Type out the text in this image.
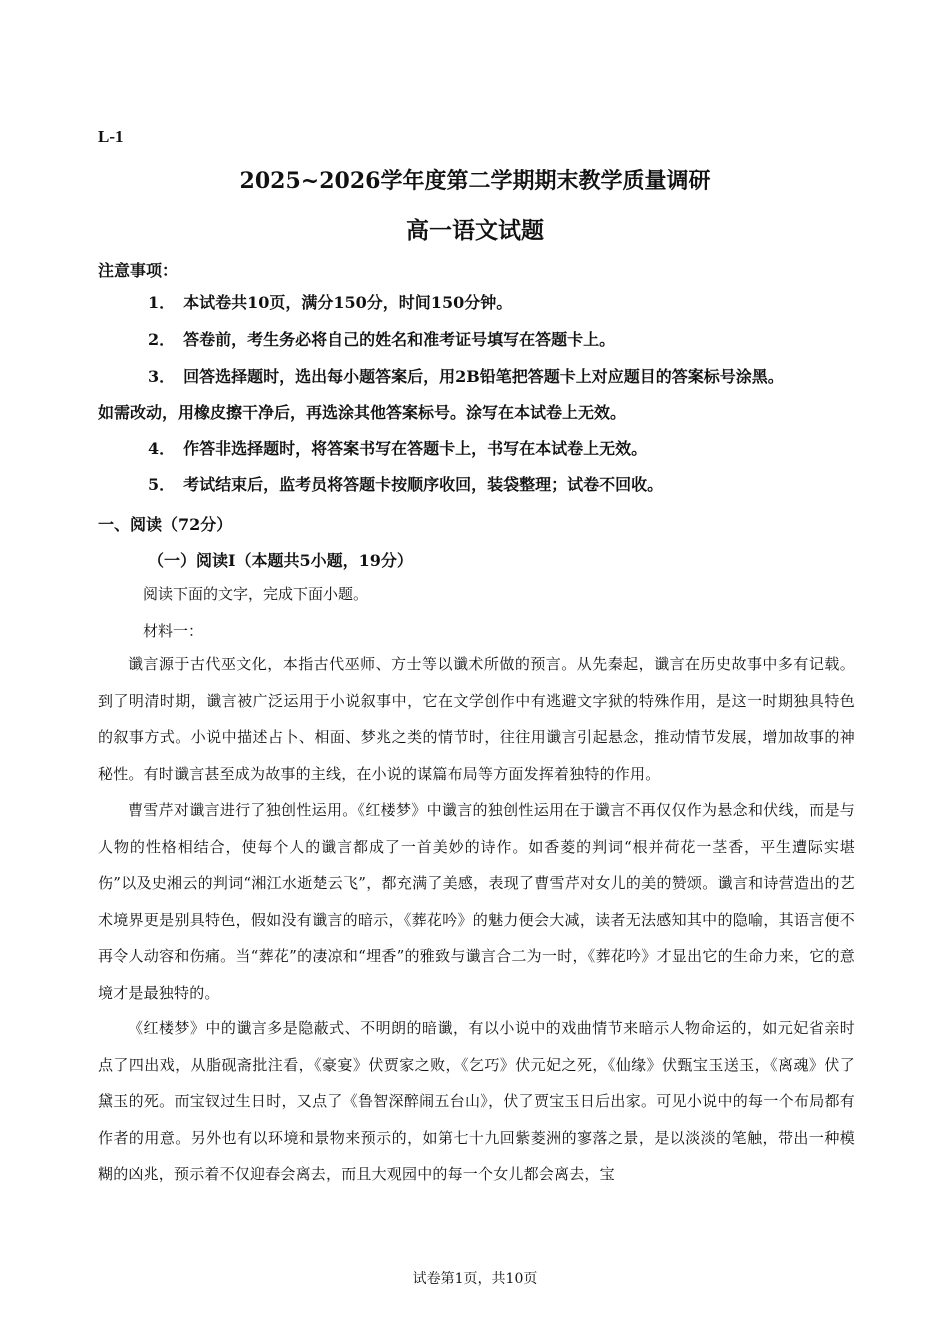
L-1
2025~2026学年度第二学期期末教学质量调研
高一语文试题
注意事项：
1． 本试卷共10页，满分150分，时间150分钟。
2． 答卷前，考生务必将自己的姓名和准考证号填写在答题卡上。
3． 回答选择题时，选出每小题答案后，用2B铅笔把答题卡上对应题目的答案标号涂黑。
如需改动，用橡皮擦干净后，再选涂其他答案标号。涂写在本试卷上无效。
4． 作答非选择题时，将答案书写在答题卡上，书写在本试卷上无效。
5． 考试结束后，监考员将答题卡按顺序收回，装袋整理；试卷不回收。
一、阅读（72分）
（一）阅读I（本题共5小题，19分）
阅读下面的文字，完成下面小题。
材料一：
谶言源于古代巫文化，本指古代巫师、方士等以谶术所做的预言。从先秦起，谶言在历史故事中多有记载。到了明清时期，谶言被广泛运用于小说叙事中，它在文学创作中有逃避文字狱的特殊作用，是这一时期独具特色的叙事方式。小说中描述占卜、相面、梦兆之类的情节时，往往用谶言引起悬念，推动情节发展，增加故事的神秘性。有时谶言甚至成为故事的主线，在小说的谋篇布局等方面发挥着独特的作用。
曹雪芹对谶言进行了独创性运用。《红楼梦》中谶言的独创性运用在于谶言不再仅仅作为悬念和伏线，而是与人物的性格相结合，使每个人的谶言都成了一首美妙的诗作。如香菱的判词“根并荷花一茎香，平生遭际实堪伤”以及史湘云的判词“湘江水逝楚云飞”，都充满了美感，表现了曹雪芹对女儿的美的赞颂。谶言和诗营造出的艺术境界更是别具特色，假如没有谶言的暗示，《葬花吟》的魅力便会大减，读者无法感知其中的隐喻，其语言便不再令人动容和伤痛。当“葬花”的凄凉和“埋香”的雅致与谶言合二为一时，《葬花吟》才显出它的生命力来，它的意境才是最独特的。
《红楼梦》中的谶言多是隐蔽式、不明朗的暗谶，有以小说中的戏曲情节来暗示人物命运的，如元妃省亲时点了四出戏，从脂砚斋批注看，《豪宴》伏贾家之败，《乞巧》伏元妃之死，《仙缘》伏甄宝玉送玉，《离魂》伏了黛玉的死。而宝钗过生日时，又点了《鲁智深醉闹五台山》，伏了贾宝玉日后出家。可见小说中的每一个布局都有作者的用意。另外也有以环境和景物来预示的，如第七十九回紫菱洲的寥落之景，是以淡淡的笔触，带出一种模糊的凶兆，预示着不仅迎春会离去，而且大观园中的每一个女儿都会离去，宝
试卷第1页，共10页
